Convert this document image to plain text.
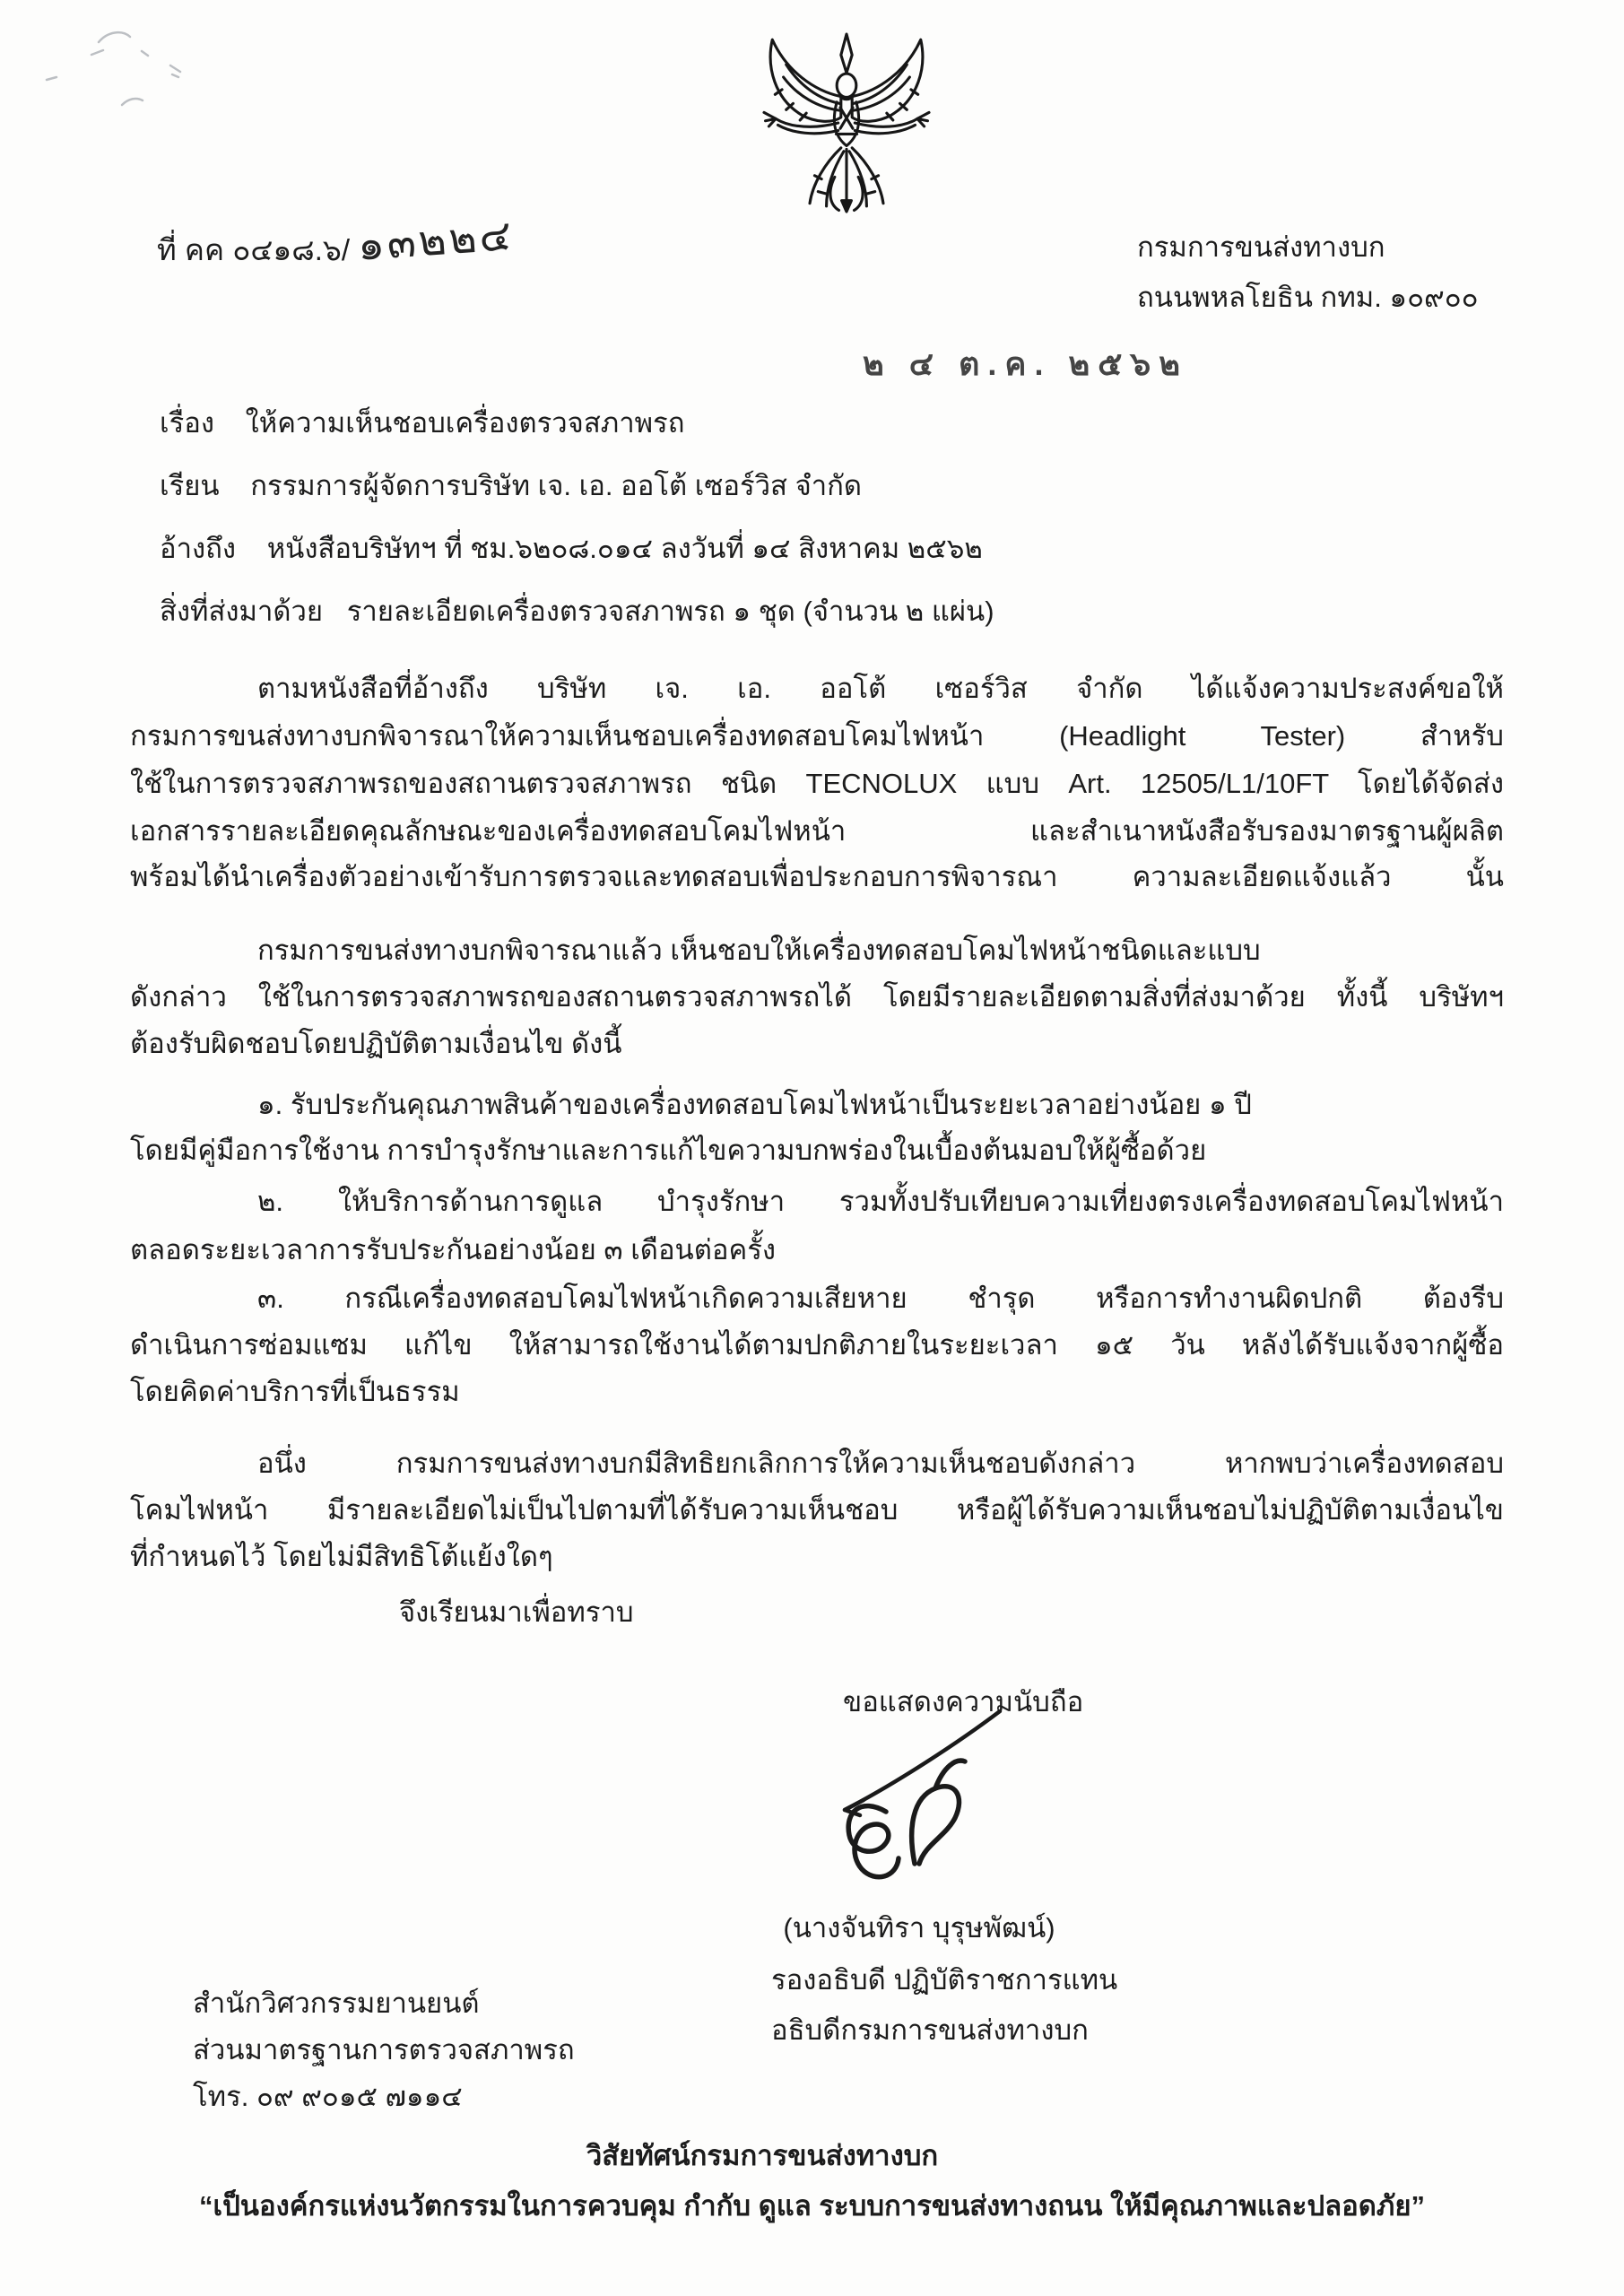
ที่ คค ๐๔๑๘.๖/ ๑๓๒๒๔	กรมการขนส่งทางบก
ถนนพหลโยธิน กทม. ๑๐๙๐๐
๒ ๔ ต.ค. ๒๕๖๒
เรื่อง ให้ความเห็นชอบเครื่องตรวจสภาพรถ
เรียน กรรมการผู้จัดการบริษัท เจ. เอ. ออโต้ เซอร์วิส จำกัด
อ้างถึง หนังสือบริษัทฯ ที่ ชม.๖๒๐๘.๐๑๔ ลงวันที่ ๑๔ สิงหาคม ๒๕๖๒
สิ่งที่ส่งมาด้วย รายละเอียดเครื่องตรวจสภาพรถ ๑ ชุด (จำนวน ๒ แผ่น)
ตามหนังสือที่อ้างถึง บริษัท เจ. เอ. ออโต้ เซอร์วิส จำกัด ได้แจ้งความประสงค์ขอให้
กรมการขนส่งทางบกพิจารณาให้ความเห็นชอบเครื่องทดสอบโคมไฟหน้า (Headlight Tester) สำหรับ
ใช้ในการตรวจสภาพรถของสถานตรวจสภาพรถ ชนิด TECNOLUX แบบ Art. 12505/L1/10FT โดยได้จัดส่ง
เอกสารรายละเอียดคุณลักษณะของเครื่องทดสอบโคมไฟหน้า และสำเนาหนังสือรับรองมาตรฐานผู้ผลิต
พร้อมได้นำเครื่องตัวอย่างเข้ารับการตรวจและทดสอบเพื่อประกอบการพิจารณา ความละเอียดแจ้งแล้ว นั้น
กรมการขนส่งทางบกพิจารณาแล้ว เห็นชอบให้เครื่องทดสอบโคมไฟหน้าชนิดและแบบ
ดังกล่าว ใช้ในการตรวจสภาพรถของสถานตรวจสภาพรถได้ โดยมีรายละเอียดตามสิ่งที่ส่งมาด้วย ทั้งนี้ บริษัทฯ
ต้องรับผิดชอบโดยปฏิบัติตามเงื่อนไข ดังนี้
๑. รับประกันคุณภาพสินค้าของเครื่องทดสอบโคมไฟหน้าเป็นระยะเวลาอย่างน้อย ๑ ปี
โดยมีคู่มือการใช้งาน การบำรุงรักษาและการแก้ไขความบกพร่องในเบื้องต้นมอบให้ผู้ซื้อด้วย
๒. ให้บริการด้านการดูแล บำรุงรักษา รวมทั้งปรับเทียบความเที่ยงตรงเครื่องทดสอบโคมไฟหน้า
ตลอดระยะเวลาการรับประกันอย่างน้อย ๓ เดือนต่อครั้ง
๓. กรณีเครื่องทดสอบโคมไฟหน้าเกิดความเสียหาย ชำรุด หรือการทำงานผิดปกติ ต้องรีบ
ดำเนินการซ่อมแซม แก้ไข ให้สามารถใช้งานได้ตามปกติภายในระยะเวลา ๑๕ วัน หลังได้รับแจ้งจากผู้ซื้อ
โดยคิดค่าบริการที่เป็นธรรม
อนึ่ง กรมการขนส่งทางบกมีสิทธิยกเลิกการให้ความเห็นชอบดังกล่าว หากพบว่าเครื่องทดสอบ
โคมไฟหน้า มีรายละเอียดไม่เป็นไปตามที่ได้รับความเห็นชอบ หรือผู้ได้รับความเห็นชอบไม่ปฏิบัติตามเงื่อนไข
ที่กำหนดไว้ โดยไม่มีสิทธิโต้แย้งใดๆ
จึงเรียนมาเพื่อทราบ
ขอแสดงความนับถือ
(นางจันทิรา บุรุษพัฒน์)
รองอธิบดี ปฏิบัติราชการแทน
อธิบดีกรมการขนส่งทางบก
สำนักวิศวกรรมยานยนต์
ส่วนมาตรฐานการตรวจสภาพรถ
โทร. ๐๙ ๙๐๑๕ ๗๑๑๔
วิสัยทัศน์กรมการขนส่งทางบก
“เป็นองค์กรแห่งนวัตกรรมในการควบคุม กำกับ ดูแล ระบบการขนส่งทางถนน ให้มีคุณภาพและปลอดภัย”
